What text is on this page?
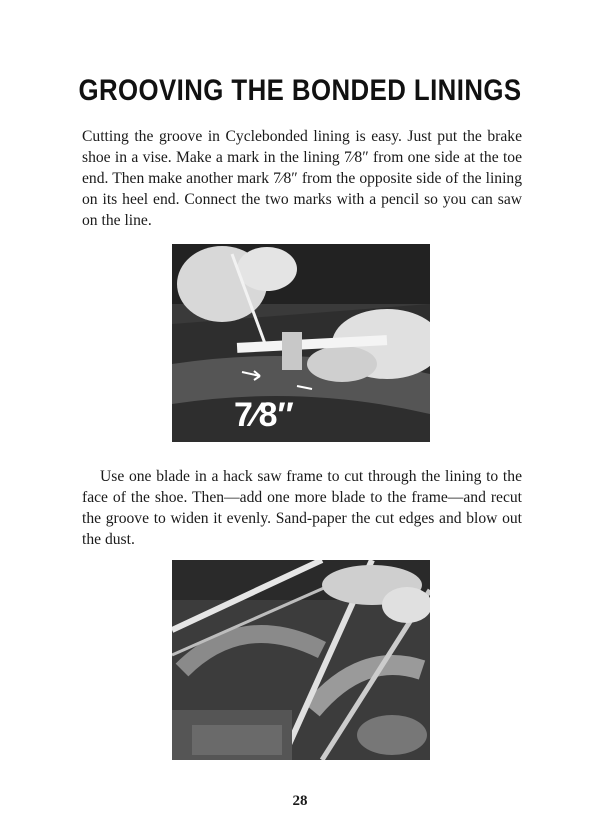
GROOVING THE BONDED LININGS

Cutting the groove in Cyclebonded lining is easy. Just put the brake shoe in a vise. Make a mark in the lining 7⁄8″ from one side at the toe end. Then make another mark 7⁄8″ from the opposite side of the lining on its heel end. Connect the two marks with a pencil so you can saw on the line.

7⁄8″

Use one blade in a hack saw frame to cut through the lining to the face of the shoe. Then—add one more blade to the frame—and recut the groove to widen it evenly. Sand-paper the cut edges and blow out the dust.

28
